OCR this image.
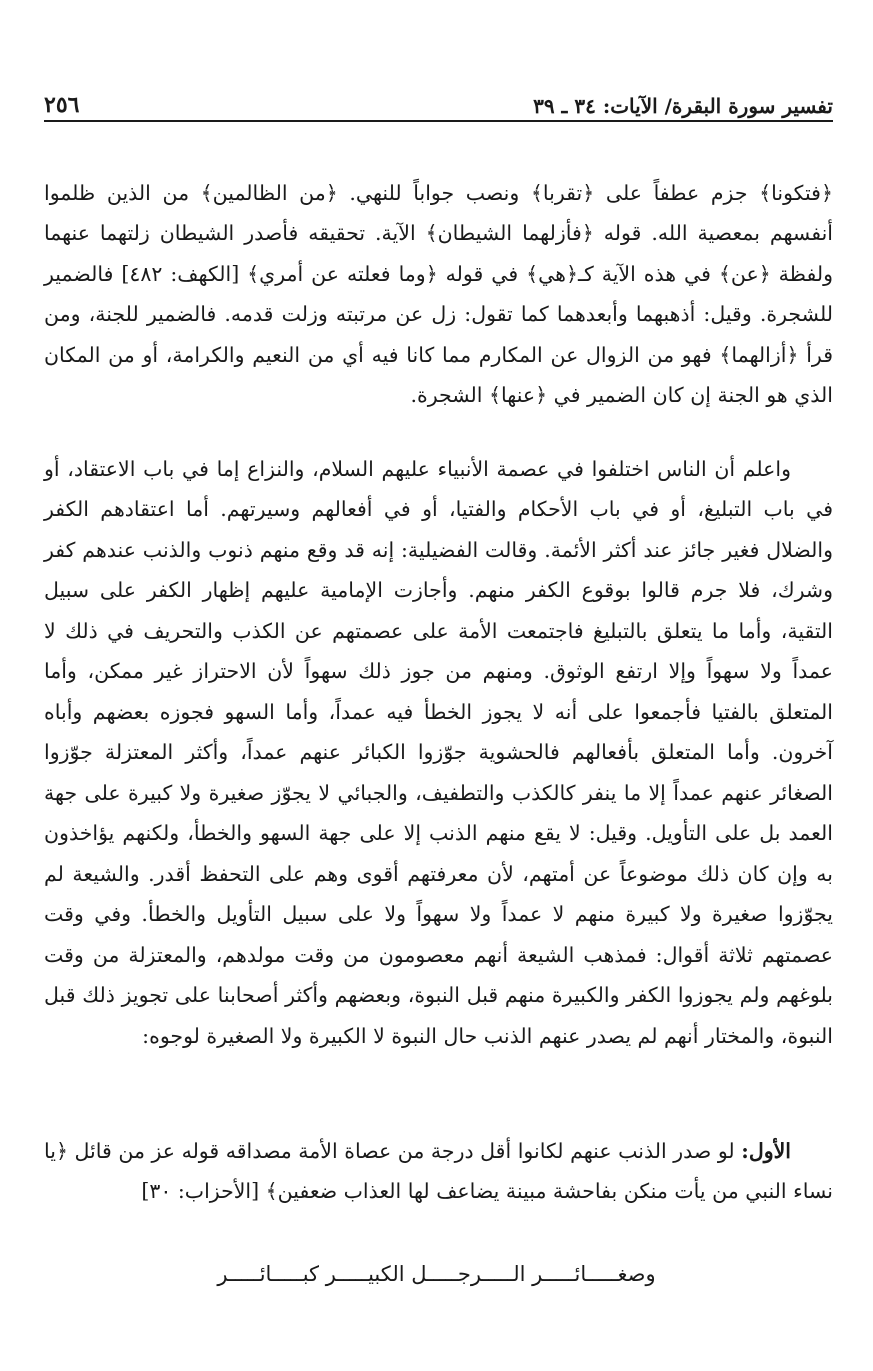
٢٥٦	تفسير سورة البقرة/ الآيات: ٣٤ ـ ٣٩

﴿فتكونا﴾ جزم عطفاً على ﴿تقربا﴾ ونصب جواباً للنهي. ﴿من الظالمين﴾ من الذين ظلموا أنفسهم بمعصية الله. قوله ﴿فأزلهما الشيطان﴾ الآية. تحقيقه فأصدر الشيطان زلتهما عنهما ولفظة ﴿عن﴾ في هذه الآية كـ﴿هي﴾ في قوله ﴿وما فعلته عن أمري﴾ [الكهف: ٤٨٢] فالضمير للشجرة. وقيل: أذهبهما وأبعدهما كما تقول: زل عن مرتبته وزلت قدمه. فالضمير للجنة، ومن قرأ ﴿أزالهما﴾ فهو من الزوال عن المكارم مما كانا فيه أي من النعيم والكرامة، أو من المكان الذي هو الجنة إن كان الضمير في ﴿عنها﴾ الشجرة.

واعلم أن الناس اختلفوا في عصمة الأنبياء عليهم السلام، والنزاع إما في باب الاعتقاد، أو في باب التبليغ، أو في باب الأحكام والفتيا، أو في أفعالهم وسيرتهم. أما اعتقادهم الكفر والضلال فغير جائز عند أكثر الأئمة. وقالت الفضيلية: إنه قد وقع منهم ذنوب والذنب عندهم كفر وشرك، فلا جرم قالوا بوقوع الكفر منهم. وأجازت الإمامية عليهم إظهار الكفر على سبيل التقية، وأما ما يتعلق بالتبليغ فاجتمعت الأمة على عصمتهم عن الكذب والتحريف في ذلك لا عمداً ولا سهواً وإلا ارتفع الوثوق. ومنهم من جوز ذلك سهواً لأن الاحتراز غير ممكن، وأما المتعلق بالفتيا فأجمعوا على أنه لا يجوز الخطأ فيه عمداً، وأما السهو فجوزه بعضهم وأباه آخرون. وأما المتعلق بأفعالهم فالحشوية جوّزوا الكبائر عنهم عمداً، وأكثر المعتزلة جوّزوا الصغائر عنهم عمداً إلا ما ينفر كالكذب والتطفيف، والجبائي لا يجوّز صغيرة ولا كبيرة على جهة العمد بل على التأويل. وقيل: لا يقع منهم الذنب إلا على جهة السهو والخطأ، ولكنهم يؤاخذون به وإن كان ذلك موضوعاً عن أمتهم، لأن معرفتهم أقوى وهم على التحفظ أقدر. والشيعة لم يجوّزوا صغيرة ولا كبيرة منهم لا عمداً ولا سهواً ولا على سبيل التأويل والخطأ. وفي وقت عصمتهم ثلاثة أقوال: فمذهب الشيعة أنهم معصومون من وقت مولدهم، والمعتزلة من وقت بلوغهم ولم يجوزوا الكفر والكبيرة منهم قبل النبوة، وبعضهم وأكثر أصحابنا على تجويز ذلك قبل النبوة، والمختار أنهم لم يصدر عنهم الذنب حال النبوة لا الكبيرة ولا الصغيرة لوجوه:

الأول: لو صدر الذنب عنهم لكانوا أقل درجة من عصاة الأمة مصداقه قوله عز من قائل ﴿يا نساء النبي من يأت منكن بفاحشة مبينة يضاعف لها العذاب ضعفين﴾ [الأحزاب: ٣٠]

وصغـــــائـــــر الـــــرجـــــل الكبيـــــر كبـــــائـــــر
